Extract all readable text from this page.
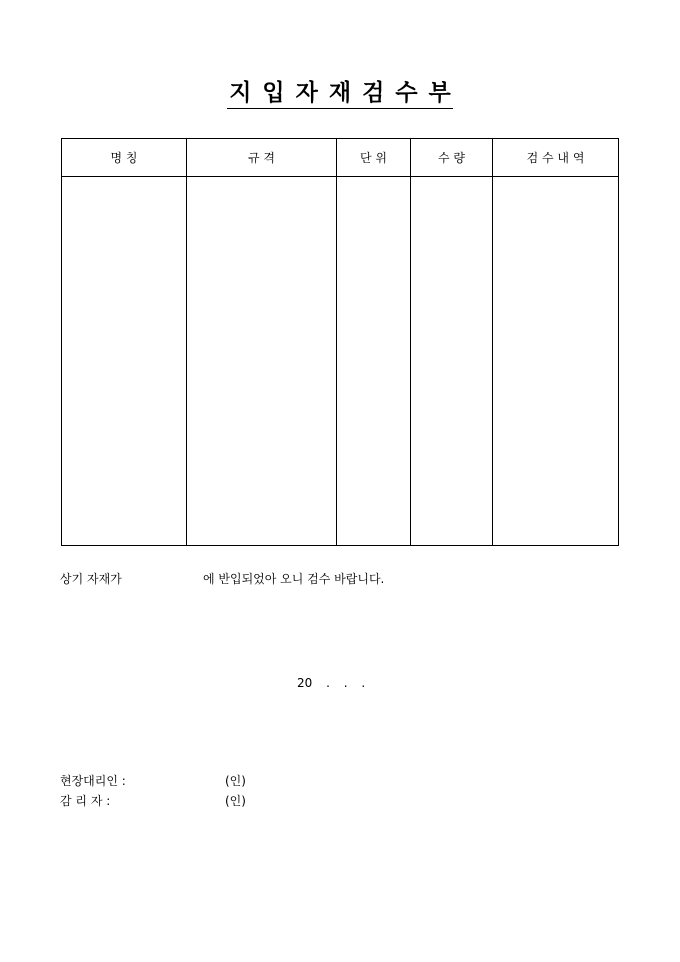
지 입 자 재 검 수 부
명 칭	규 격	단 위	수 량	검 수 내 역

상기 자재가	에 반입되었아 오니 검수 바랍니다.
20 . . .
현장대리인 :	(인)
감 리 자 :	(인)
